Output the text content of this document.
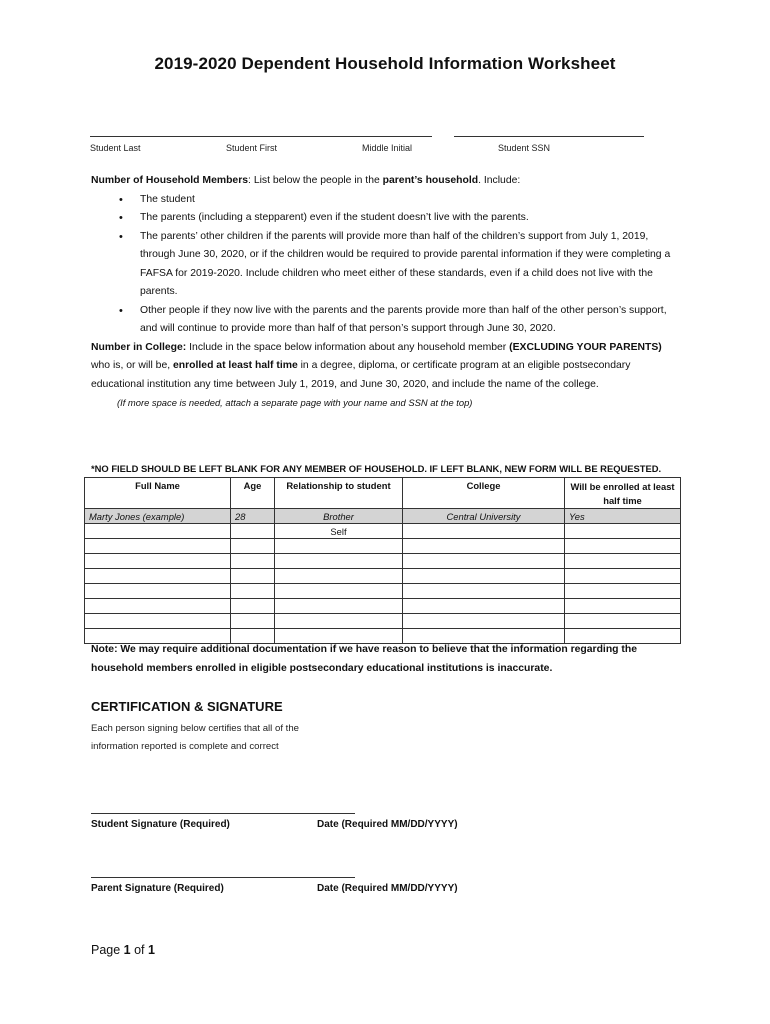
2019-2020 Dependent Household Information Worksheet
Student Last	Student First	Middle Initial	Student SSN
Number of Household Members: List below the people in the parent’s household. Include:
• The student
• The parents (including a stepparent) even if the student doesn’t live with the parents.
• The parents’ other children if the parents will provide more than half of the children’s support from July 1, 2019, through June 30, 2020, or if the children would be required to provide parental information if they were completing a FAFSA for 2019-2020. Include children who meet either of these standards, even if a child does not live with the parents.
• Other people if they now live with the parents and the parents provide more than half of the other person’s support, and will continue to provide more than half of that person’s support through June 30, 2020.
Number in College: Include in the space below information about any household member (EXCLUDING YOUR PARENTS) who is, or will be, enrolled at least half time in a degree, diploma, or certificate program at an eligible postsecondary educational institution any time between July 1, 2019, and June 30, 2020, and include the name of the college.
(If more space is needed, attach a separate page with your name and SSN at the top)
*NO FIELD SHOULD BE LEFT BLANK FOR ANY MEMBER OF HOUSEHOLD. IF LEFT BLANK, NEW FORM WILL BE REQUESTED.
Full Name	Age	Relationship to student	College	Will be enrolled at least half time
Marty Jones (example)	28	Brother	Central University	Yes
		Self		

Note: We may require additional documentation if we have reason to believe that the information regarding the household members enrolled in eligible postsecondary educational institutions is inaccurate.
CERTIFICATION & SIGNATURE
Each person signing below certifies that all of the
information reported is complete and correct
Student Signature (Required)	Date (Required MM/DD/YYYY)
Parent Signature (Required)	Date (Required MM/DD/YYYY)
Page 1 of 1
